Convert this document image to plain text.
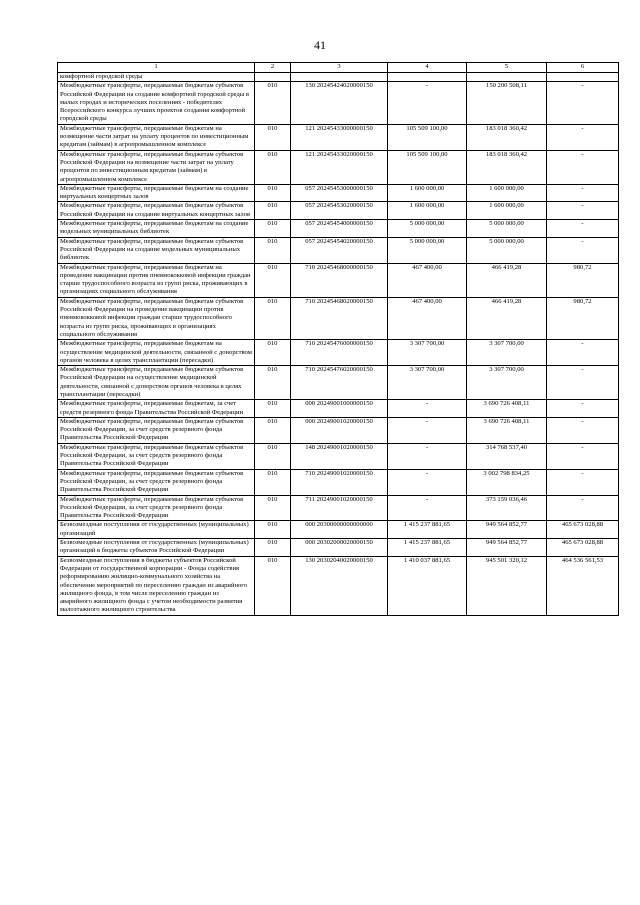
41
1	2	3	4	5	6
комфортной городской среды					
Межбюджетные трансферты, передаваемые бюджетам субъектов Российской Федерации на создание комфортной городской среды в малых городах и исторических поселениях - победителях Всероссийского конкурса лучших проектов создания комфортной городской среды	010	130 20245424020000150	-	150 200 508,11	-
Межбюджетные трансферты, передаваемые бюджетам на возмещение части затрат на уплату процентов по инвестиционным кредитам (займам) в агропромышленном комплексе	010	121 20245433000000150	105 509 100,00	183 018 360,42	-
Межбюджетные трансферты, передаваемые бюджетам субъектов Российской Федерации на возмещение части затрат на уплату процентов по инвестиционным кредитам (займам) в агропромышленном комплексе	010	121 20245433020000150	105 509 100,00	183 018 360,42	-
Межбюджетные трансферты, передаваемые бюджетам на создание виртуальных концертных залов	010	057 20245453000000150	1 600 000,00	1 600 000,00	-
Межбюджетные трансферты, передаваемые бюджетам субъектов Российской Федерации на создание виртуальных концертных залов	010	057 20245453020000150	1 600 000,00	1 600 000,00	-
Межбюджетные трансферты, передаваемые бюджетам на создание модельных муниципальных библиотек	010	057 20245454000000150	5 000 000,00	5 000 000,00	-
Межбюджетные трансферты, передаваемые бюджетам субъектов Российской Федерации на создание модельных муниципальных библиотек	010	057 20245454020000150	5 000 000,00	5 000 000,00	-
Межбюджетные трансферты, передаваемые бюджетам на проведение вакцинации против пневмококковой инфекции граждан старше трудоспособного возраста из групп риска, проживающих в организациях социального обслуживания	010	710 20245468000000150	467 400,00	466 419,28	980,72
Межбюджетные трансферты, передаваемые бюджетам субъектов Российской Федерации на проведение вакцинации против пневмококковой инфекции граждан старше трудоспособного возраста из групп риска, проживающих в организациях социального обслуживания	010	710 20245468020000150	467 400,00	466 419,28	980,72
Межбюджетные трансферты, передаваемые бюджетам на осуществление медицинской деятельности, связанной с донорством органов человека в целях трансплантации (пересадки)	010	710 20245476000000150	3 307 700,00	3 307 700,00	-
Межбюджетные трансферты, передаваемые бюджетам субъектов Российской Федерации на осуществление медицинской деятельности, связанной с донорством органов человека в целях трансплантации (пересадки)	010	710 20245476020000150	3 307 700,00	3 307 700,00	-
Межбюджетные трансферты, передаваемые бюджетам, за счет средств резервного фонда Правительства Российской Федерации	010	000 20249001000000150	-	3 690 726 408,11	-
Межбюджетные трансферты, передаваемые бюджетам субъектов Российской Федерации, за счет средств резервного фонда Правительства Российской Федерации	010	000 20249001020000150	-	3 690 726 408,11	-
Межбюджетные трансферты, передаваемые бюджетам субъектов Российской Федерации, за счет средств резервного фонда Правительства Российской Федерации	010	148 20249001020000150	-	314 768 537,40	-
Межбюджетные трансферты, передаваемые бюджетам субъектов Российской Федерации, за счет средств резервного фонда Правительства Российской Федерации	010	710 20249001020000150	-	3 002 798 834,25	-
Межбюджетные трансферты, передаваемые бюджетам субъектов Российской Федерации, за счет средств резервного фонда Правительства Российской Федерации	010	711 20249001020000150	-	373 159 036,46	-
Безвозмездные поступления от государственных (муниципальных) организаций	010	000 20300000000000000	1 415 237 881,65	949 564 852,77	465 673 028,88
Безвозмездные поступления от государственных (муниципальных) организаций в бюджеты субъектов Российской Федерации	010	000 20302000020000150	1 415 237 881,65	949 564 852,77	465 673 028,88
Безвозмездные поступления в бюджеты субъектов Российской Федерации от государственной корпорации - Фонда содействия реформированию жилищно-коммунального хозяйства на обеспечение мероприятий по переселению граждан из аварийного жилищного фонда, в том числе переселению граждан из аварийного жилищного фонда с учетом необходимости развития малоэтажного жилищного строительства	010	130 20302040020000150	1 410 037 881,65	945 501 320,12	464 536 561,53
